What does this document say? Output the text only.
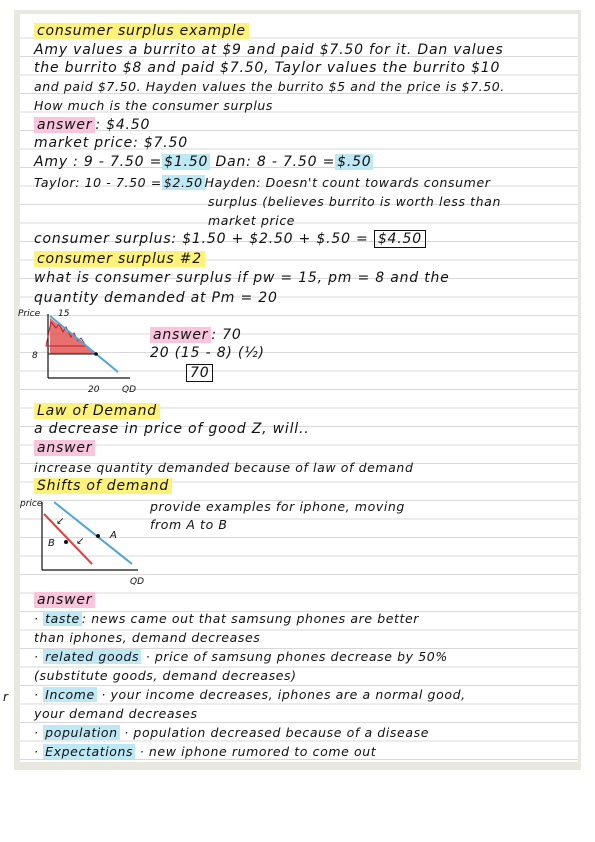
consumer surplus example

Amy values a burrito at $9 and paid $7.50 for it. Dan values

the burrito $8 and paid $7.50, Taylor values the burrito $10

and paid $7.50. Hayden values the burrito $5 and the price is $7.50.

How much is the consumer surplus

answer : $4.50

market price: $7.50

Amy : 9 - 7.50 = $1.50 Dan: 8 - 7.50 = $.50

Taylor: 10 - 7.50 = $2.50 Hayden: Doesn't count towards consumer

surplus (believes burrito is worth less than

market price

consumer surplus: $1.50 + $2.50 + $.50 = $4.50

consumer surplus #2

what is consumer surplus if pw = 15, pm = 8 and the

quantity demanded at Pm = 20

answer : 70

20 (15 - 8) (½)

70

Law of Demand

a decrease in price of good Z, will..

answer

increase quantity demanded because of law of demand

Shifts of demand

provide examples for iphone, moving

from A to B

answer

· taste : news came out that samsung phones are better

than iphones, demand decreases

· related goods · price of samsung phones decrease by 50%

(substitute goods, demand decreases)

· Income · your income decreases, iphones are a normal good,

your demand decreases

· population · population decreased because of a disease

· Expectations · new iphone rumored to come out

r
Price 15
8
20	QD
price
↙
↙
A
B
QD
